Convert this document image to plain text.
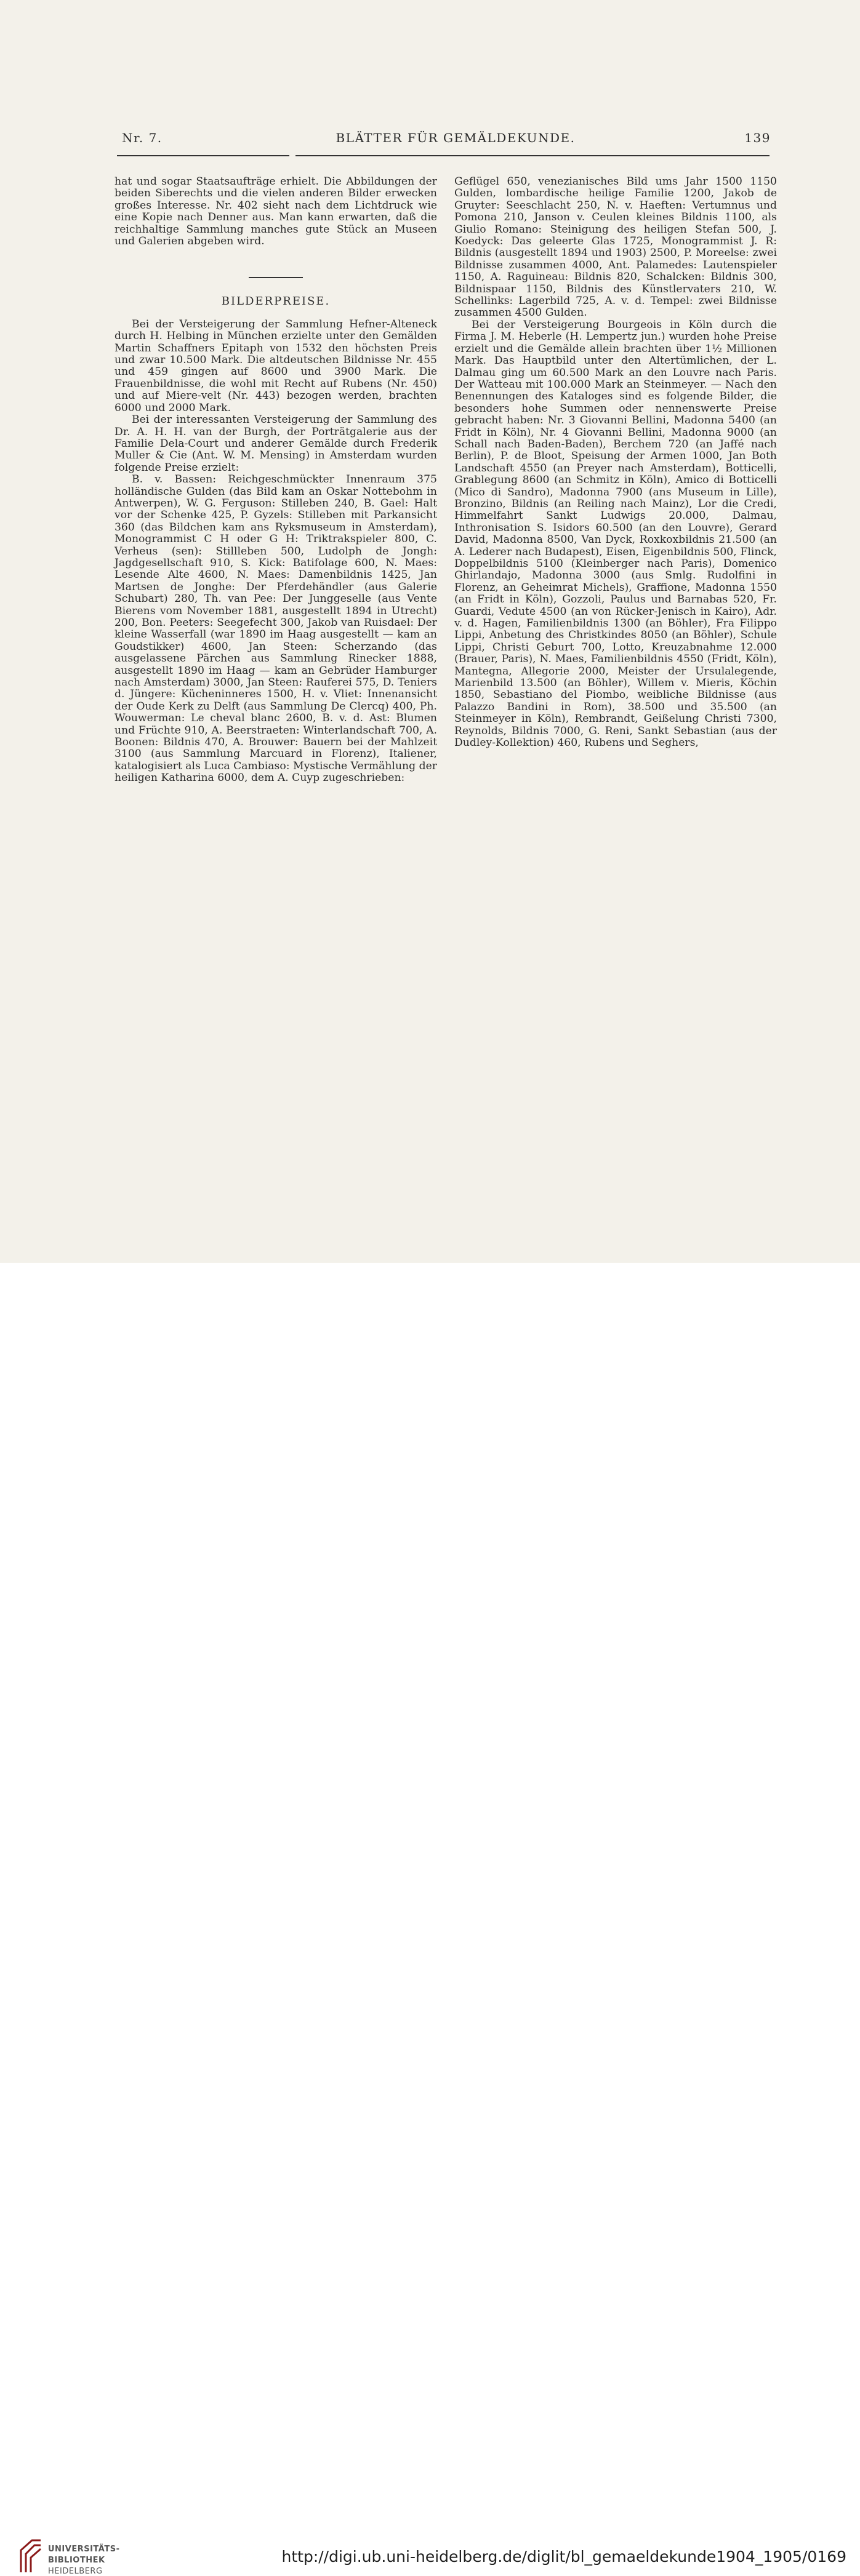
Nr. 7.	BLÄTTER FÜR GEMÄLDEKUNDE.	139

hat und sogar Staatsaufträge erhielt. Die Abbildungen der beiden Siberechts und die vielen anderen Bilder erwecken großes Interesse. Nr. 402 sieht nach dem Lichtdruck wie eine Kopie nach Denner aus. Man kann erwarten, daß die reichhaltige Sammlung manches gute Stück an Museen und Galerien abgeben wird.

BILDERPREISE.

Bei der Versteigerung der Sammlung Hefner-Alteneck durch H. Helbing in München erzielte unter den Gemälden Martin Schaffners Epitaph von 1532 den höchsten Preis und zwar 10.500 Mark. Die altdeutschen Bildnisse Nr. 455 und 459 gingen auf 8600 und 3900 Mark. Die Frauenbildnisse, die wohl mit Recht auf Rubens (Nr. 450) und auf Miere-velt (Nr. 443) bezogen werden, brachten 6000 und 2000 Mark.

Bei der interessanten Versteigerung der Sammlung des Dr. A. H. H. van der Burgh, der Porträtgalerie aus der Familie Dela-Court und anderer Gemälde durch Frederik Muller & Cie (Ant. W. M. Mensing) in Amsterdam wurden folgende Preise erzielt:

B. v. Bassen: Reichgeschmückter Innenraum 375 holländische Gulden (das Bild kam an Oskar Nottebohm in Antwerpen), W. G. Ferguson: Stilleben 240, B. Gael: Halt vor der Schenke 425, P. Gyzels: Stilleben mit Parkansicht 360 (das Bildchen kam ans Ryksmuseum in Amsterdam), Monogrammist C H oder G H: Triktrakspieler 800, C. Verheus (sen): Stillleben 500, Ludolph de Jongh: Jagdgesellschaft 910, S. Kick: Batifolage 600, N. Maes: Lesende Alte 4600, N. Maes: Damenbildnis 1425, Jan Martsen de Jonghe: Der Pferdehändler (aus Galerie Schubart) 280, Th. van Pee: Der Junggeselle (aus Vente Bierens vom November 1881, ausgestellt 1894 in Utrecht) 200, Bon. Peeters: Seegefecht 300, Jakob van Ruisdael: Der kleine Wasserfall (war 1890 im Haag ausgestellt — kam an Goudstikker) 4600, Jan Steen: Scherzando (das ausgelassene Pärchen aus Sammlung Rinecker 1888, ausgestellt 1890 im Haag — kam an Gebrüder Hamburger nach Amsterdam) 3000, Jan Steen: Rauferei 575, D. Teniers d. Jüngere: Kücheninneres 1500, H. v. Vliet: Innenansicht der Oude Kerk zu Delft (aus Sammlung De Clercq) 400, Ph. Wouwerman: Le cheval blanc 2600, B. v. d. Ast: Blumen und Früchte 910, A. Beerstraeten: Winterlandschaft 700, A. Boonen: Bildnis 470, A. Brouwer: Bauern bei der Mahlzeit 3100 (aus Sammlung Marcuard in Florenz), Italiener, katalogisiert als Luca Cambiaso: Mystische Vermählung der heiligen Katharina 6000, dem A. Cuyp zugeschrieben:

Geflügel 650, venezianisches Bild ums Jahr 1500 1150 Gulden, lombardische heilige Familie 1200, Jakob de Gruyter: Seeschlacht 250, N. v. Haeften: Vertumnus und Pomona 210, Janson v. Ceulen kleines Bildnis 1100, als Giulio Romano: Steinigung des heiligen Stefan 500, J. Koedyck: Das geleerte Glas 1725, Monogrammist J. R: Bildnis (ausgestellt 1894 und 1903) 2500, P. Moreelse: zwei Bildnisse zusammen 4000, Ant. Palamedes: Lautenspieler 1150, A. Raguineau: Bildnis 820, Schalcken: Bildnis 300, Bildnispaar 1150, Bildnis des Künstlervaters 210, W. Schellinks: Lagerbild 725, A. v. d. Tempel: zwei Bildnisse zusammen 4500 Gulden.

Bei der Versteigerung Bourgeois in Köln durch die Firma J. M. Heberle (H. Lempertz jun.) wurden hohe Preise erzielt und die Gemälde allein brachten über 1½ Millionen Mark. Das Hauptbild unter den Altertümlichen, der L. Dalmau ging um 60.500 Mark an den Louvre nach Paris. Der Watteau mit 100.000 Mark an Steinmeyer. — Nach den Benennungen des Kataloges sind es folgende Bilder, die besonders hohe Summen oder nennenswerte Preise gebracht haben: Nr. 3 Giovanni Bellini, Madonna 5400 (an Fridt in Köln), Nr. 4 Giovanni Bellini, Madonna 9000 (an Schall nach Baden-Baden), Berchem 720 (an Jaffé nach Berlin), P. de Bloot, Speisung der Armen 1000, Jan Both Landschaft 4550 (an Preyer nach Amsterdam), Botticelli, Grablegung 8600 (an Schmitz in Köln), Amico di Botticelli (Mico di Sandro), Madonna 7900 (ans Museum in Lille), Bronzino, Bildnis (an Reiling nach Mainz), Lor die Credi, Himmelfahrt Sankt Ludwigs 20.000, Dalmau, Inthronisation S. Isidors 60.500 (an den Louvre), Gerard David, Madonna 8500, Van Dyck, Roxkoxbildnis 21.500 (an A. Lederer nach Budapest), Eisen, Eigenbildnis 500, Flinck, Doppelbildnis 5100 (Kleinberger nach Paris), Domenico Ghirlandajo, Madonna 3000 (aus Smlg. Rudolfini in Florenz, an Geheimrat Michels), Graffione, Madonna 1550 (an Fridt in Köln), Gozzoli, Paulus und Barnabas 520, Fr. Guardi, Vedute 4500 (an von Rücker-Jenisch in Kairo), Adr. v. d. Hagen, Familienbildnis 1300 (an Böhler), Fra Filippo Lippi, Anbetung des Christkindes 8050 (an Böhler), Schule Lippi, Christi Geburt 700, Lotto, Kreuzabnahme 12.000 (Brauer, Paris), N. Maes, Familienbildnis 4550 (Fridt, Köln), Mantegna, Allegorie 2000, Meister der Ursulalegende, Marienbild 13.500 (an Böhler), Willem v. Mieris, Köchin 1850, Sebastiano del Piombo, weibliche Bildnisse (aus Palazzo Bandini in Rom), 38.500 und 35.500 (an Steinmeyer in Köln), Rembrandt, Geißelung Christi 7300, Reynolds, Bildnis 7000, G. Reni, Sankt Sebastian (aus der Dudley-Kollektion) 460, Rubens und Seghers,

UNIVERSITÄTS-
BIBLIOTHEK
HEIDELBERG
http://digi.ub.uni-heidelberg.de/diglit/bl_gemaeldekunde1904_1905/0169
